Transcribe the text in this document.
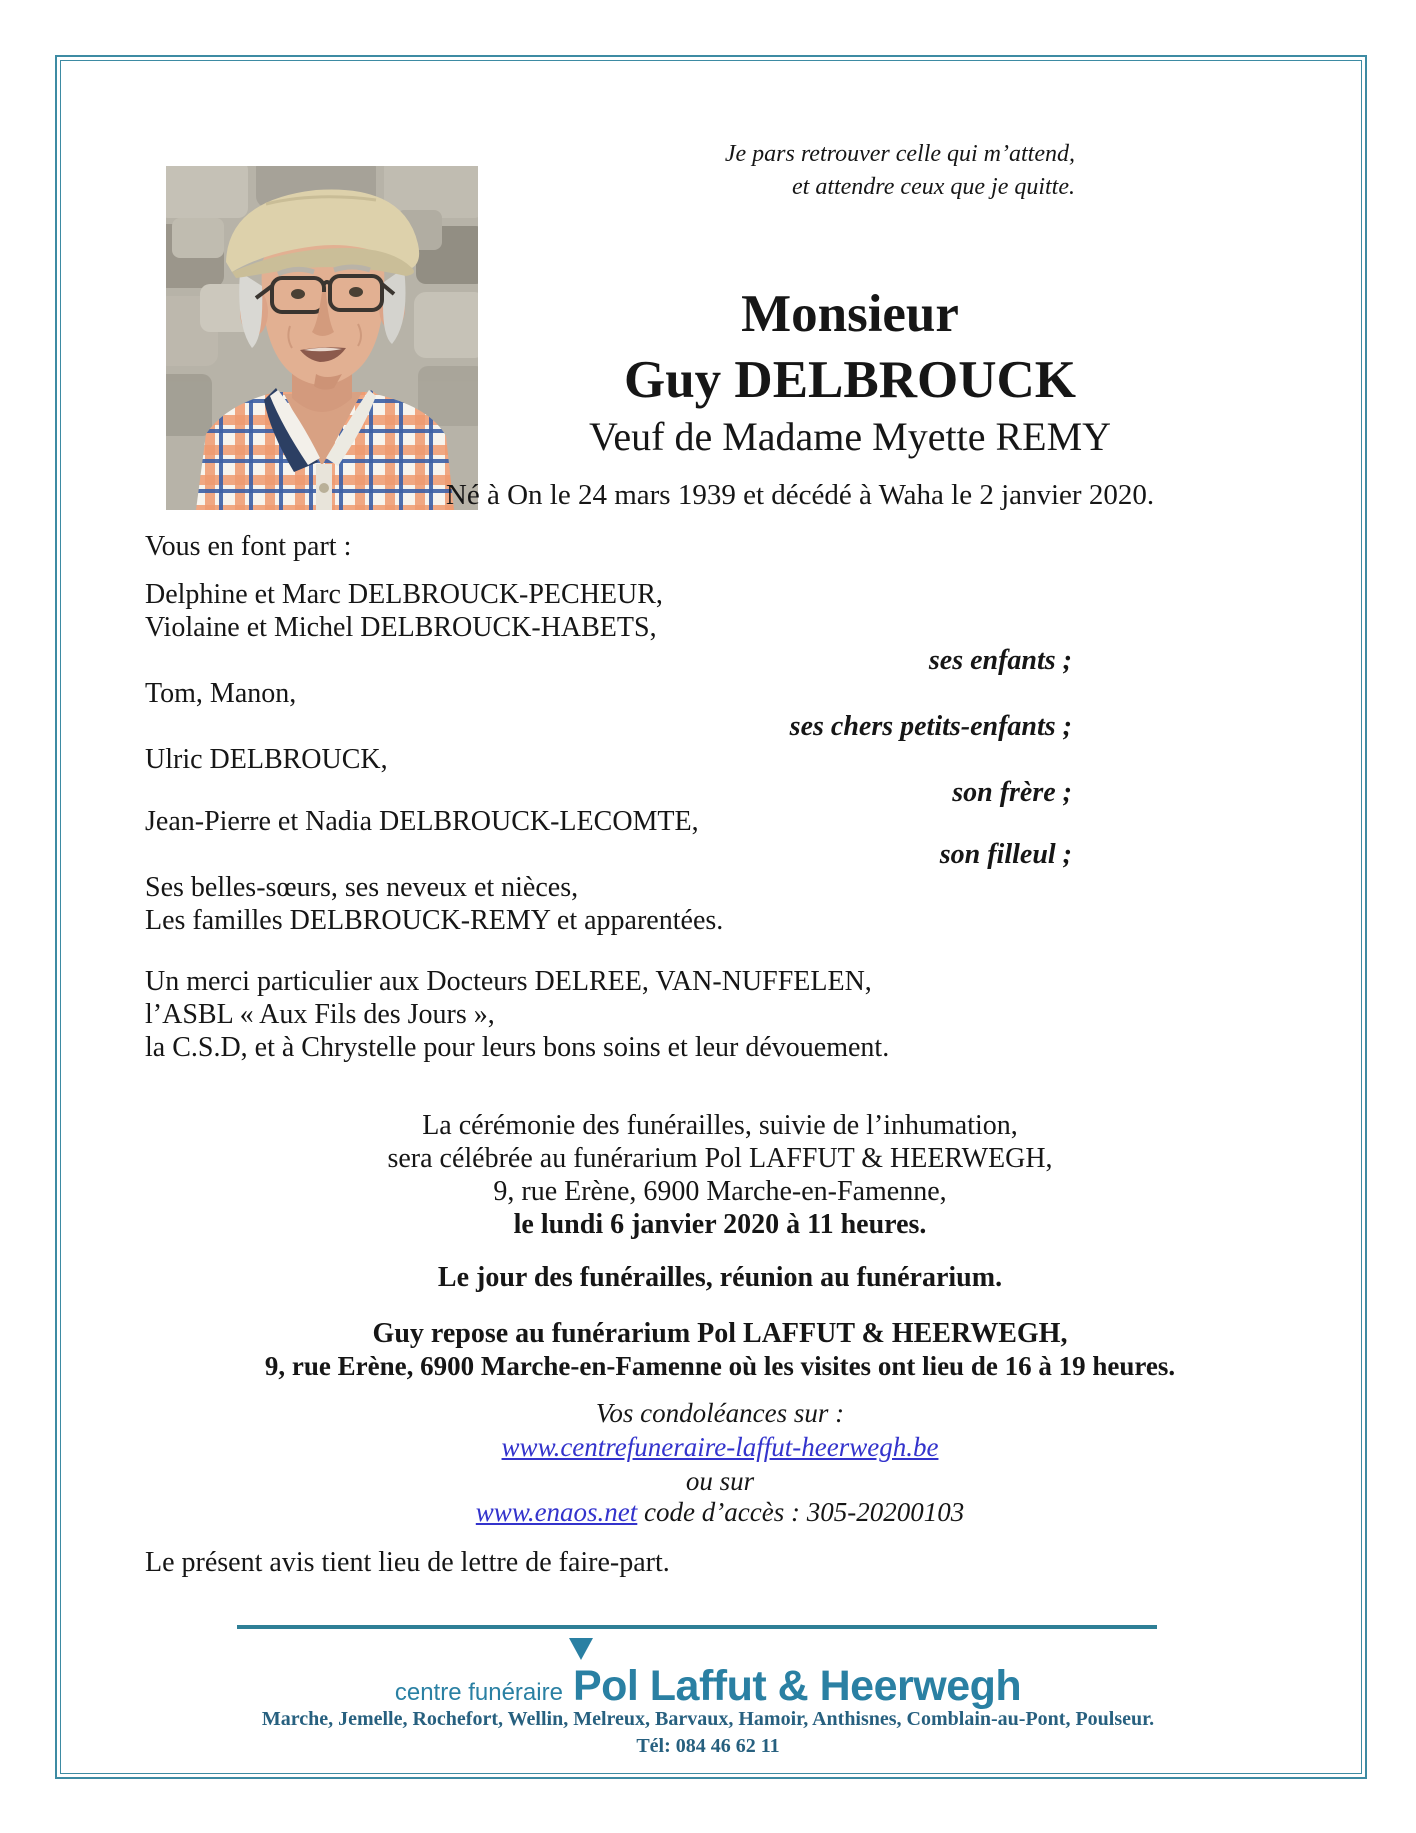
Je pars retrouver celle qui m’attend,
et attendre ceux que je quitte.
Monsieur
Guy DELBROUCK
Veuf de Madame Myette REMY
Né à On le 24 mars 1939 et décédé à Waha le 2 janvier 2020.
Vous en font part :
Delphine et Marc DELBROUCK-PECHEUR,
Violaine et Michel DELBROUCK-HABETS,
ses enfants ;
Tom, Manon,
ses chers petits-enfants ;
Ulric DELBROUCK,
son frère ;
Jean-Pierre et Nadia DELBROUCK-LECOMTE,
son filleul ;
Ses belles-sœurs, ses neveux et nièces,
Les familles DELBROUCK-REMY et apparentées.
Un merci particulier aux Docteurs DELREE, VAN-NUFFELEN,
l’ASBL « Aux Fils des Jours »,
la C.S.D, et à Chrystelle pour leurs bons soins et leur dévouement.
La cérémonie des funérailles, suivie de l’inhumation,
sera célébrée au funérarium Pol LAFFUT & HEERWEGH,
9, rue Erène, 6900 Marche-en-Famenne,
le lundi 6 janvier 2020 à 11 heures.
Le jour des funérailles, réunion au funérarium.
Guy repose au funérarium Pol LAFFUT & HEERWEGH,
9, rue Erène, 6900 Marche-en-Famenne où les visites ont lieu de 16 à 19 heures.
Vos condoléances sur :
www.centrefuneraire-laffut-heerwegh.be
ou sur
www.enaos.net code d’accès : 305-20200103
Le présent avis tient lieu de lettre de faire-part.
centre funéraire Pol Laffut & Heerwegh
Marche, Jemelle, Rochefort, Wellin, Melreux, Barvaux, Hamoir, Anthisnes, Comblain-au-Pont, Poulseur.
Tél: 084 46 62 11
